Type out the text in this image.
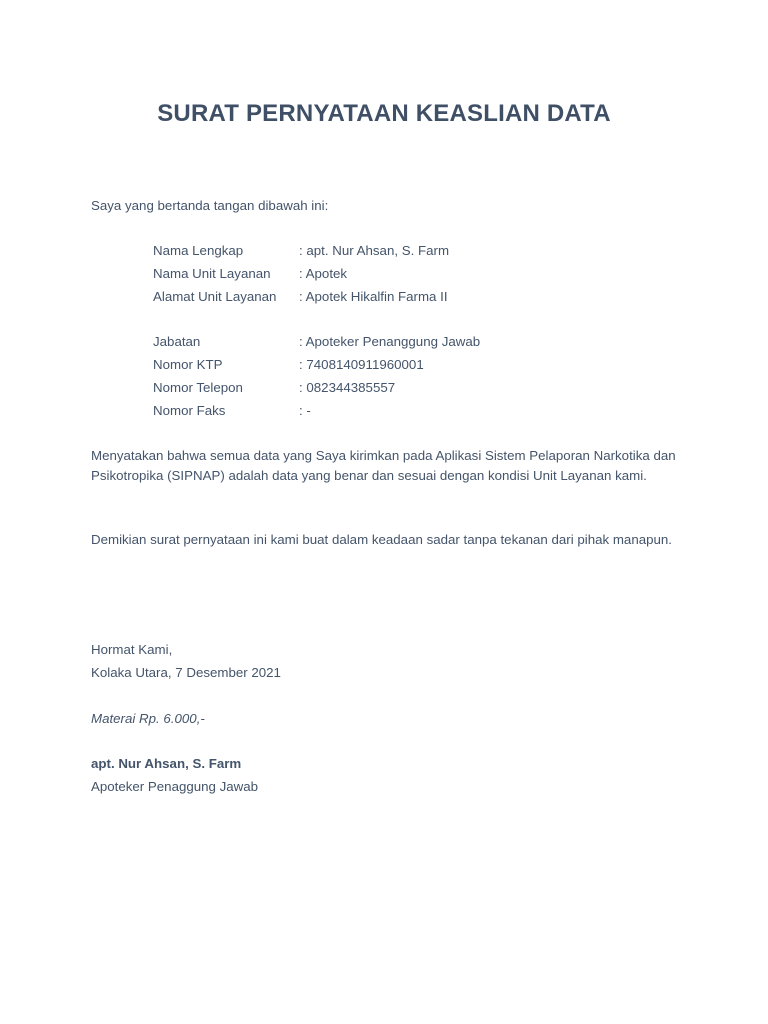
SURAT PERNYATAAN KEASLIAN DATA
Saya yang bertanda tangan dibawah ini:
Nama Lengkap	: apt. Nur Ahsan, S. Farm
Nama Unit Layanan : Apotek
Alamat Unit Layanan : Apotek Hikalfin Farma II
Jabatan	: Apoteker Penanggung Jawab
Nomor KTP	: 7408140911960001
Nomor Telepon	: 082344385557
Nomor Faks	: -
Menyatakan bahwa semua data yang Saya kirimkan pada Aplikasi Sistem Pelaporan Narkotika dan Psikotropika (SIPNAP) adalah data yang benar dan sesuai dengan kondisi Unit Layanan kami.
Demikian surat pernyataan ini kami buat dalam keadaan sadar tanpa tekanan dari pihak manapun.
Hormat Kami,
Kolaka Utara, 7 Desember 2021
Materai Rp. 6.000,-
apt. Nur Ahsan, S. Farm
Apoteker Penaggung Jawab
